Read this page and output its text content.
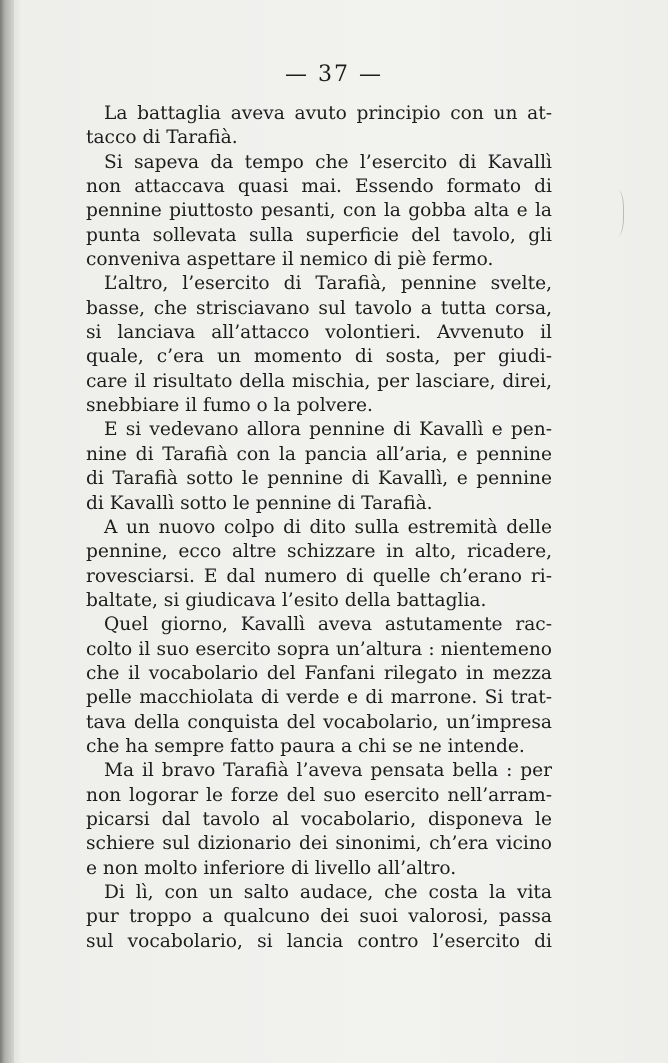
— 37 —
La battaglia aveva avuto principio con un at-
tacco di Tarafià.
Si sapeva da tempo che l’esercito di Kavallì
non attaccava quasi mai. Essendo formato di
pennine piuttosto pesanti, con la gobba alta e la
punta sollevata sulla superficie del tavolo, gli
conveniva aspettare il nemico di piè fermo.
L’altro, l’esercito di Tarafià, pennine svelte,
basse, che strisciavano sul tavolo a tutta corsa,
si lanciava all’attacco volontieri. Avvenuto il
quale, c’era un momento di sosta, per giudi-
care il risultato della mischia, per lasciare, direi,
snebbiare il fumo o la polvere.
E si vedevano allora pennine di Kavallì e pen-
nine di Tarafià con la pancia all’aria, e pennine
di Tarafià sotto le pennine di Kavallì, e pennine
di Kavallì sotto le pennine di Tarafià.
A un nuovo colpo di dito sulla estremità delle
pennine, ecco altre schizzare in alto, ricadere,
rovesciarsi. E dal numero di quelle ch’erano ri-
baltate, si giudicava l’esito della battaglia.
Quel giorno, Kavallì aveva astutamente rac-
colto il suo esercito sopra un’altura : nientemeno
che il vocabolario del Fanfani rilegato in mezza
pelle macchiolata di verde e di marrone. Si trat-
tava della conquista del vocabolario, un’impresa
che ha sempre fatto paura a chi se ne intende.
Ma il bravo Tarafià l’aveva pensata bella : per
non logorar le forze del suo esercito nell’arram-
picarsi dal tavolo al vocabolario, disponeva le
schiere sul dizionario dei sinonimi, ch’era vicino
e non molto inferiore di livello all’altro.
Di lì, con un salto audace, che costa la vita
pur troppo a qualcuno dei suoi valorosi, passa
sul vocabolario, si lancia contro l’esercito di
